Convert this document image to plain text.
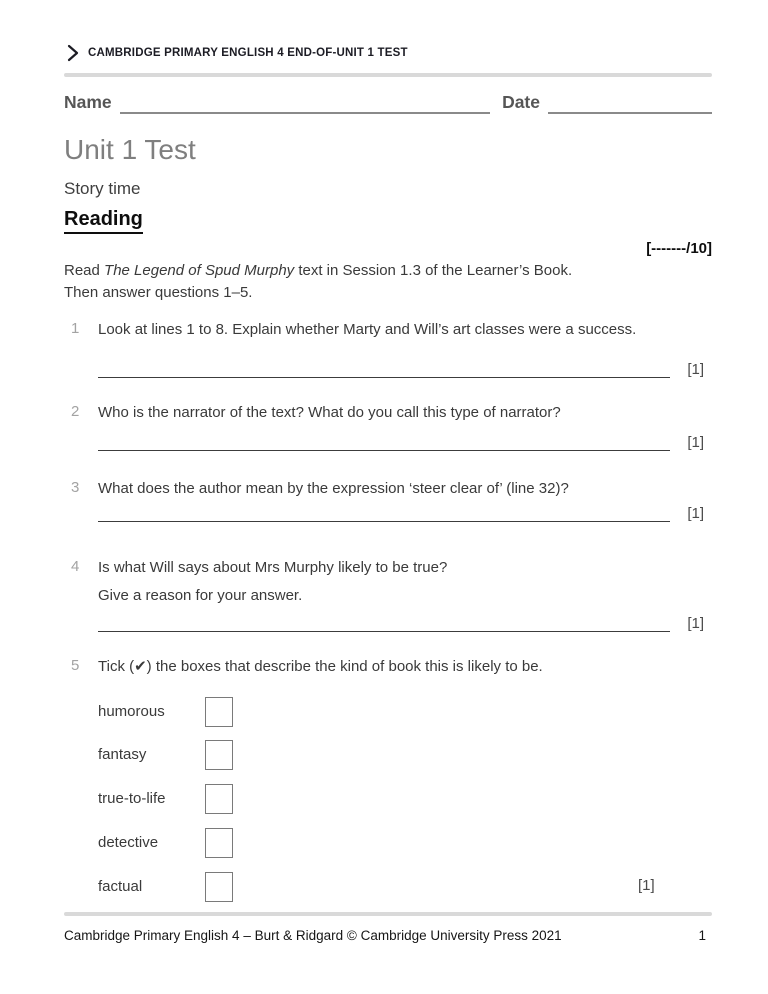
CAMBRIDGE PRIMARY ENGLISH 4 END-OF-UNIT 1 TEST
Name	Date
Unit 1 Test
Story time
Reading
[-------/10]

Read The Legend of Spud Murphy text in Session 1.3 of the Learner’s Book.
Then answer questions 1–5.

1	Look at lines 1 to 8. Explain whether Marty and Will’s art classes were a success.
[1]
2	Who is the narrator of the text? What do you call this type of narrator?
[1]
3	What does the author mean by the expression ‘steer clear of’ (line 32)?
[1]
4	Is what Will says about Mrs Murphy likely to be true?
Give a reason for your answer.
[1]
5	Tick (✔) the boxes that describe the kind of book this is likely to be.
humorous
fantasy
true-to-life
detective
factual	[1]
Cambridge Primary English 4 – Burt & Ridgard © Cambridge University Press 2021	1
